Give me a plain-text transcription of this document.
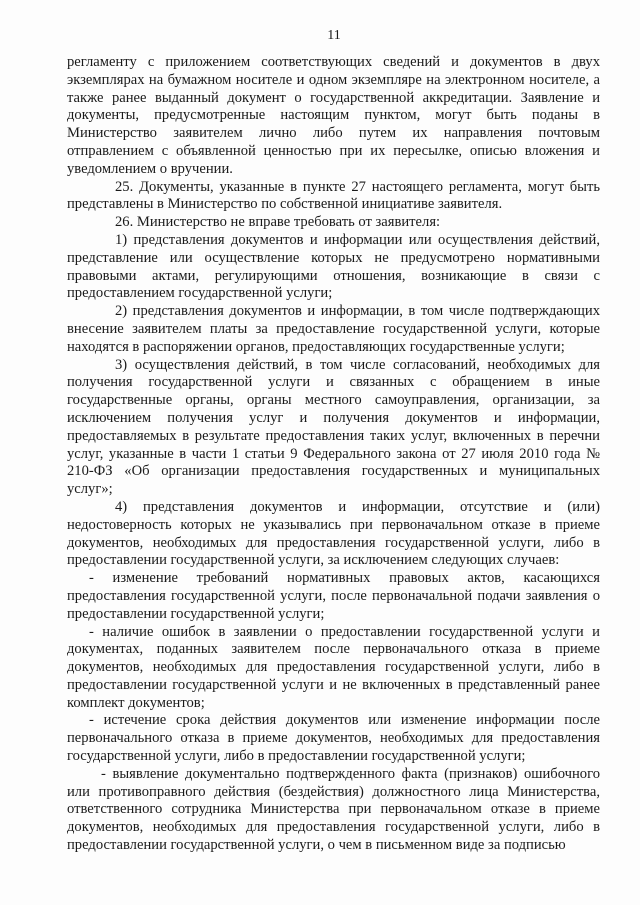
11

регламенту с приложением соответствующих сведений и документов в двух экземплярах на бумажном носителе и одном экземпляре на электронном носителе, а также ранее выданный документ о государственной аккредитации. Заявление и документы, предусмотренные настоящим пунктом, могут быть поданы в Министерство заявителем лично либо путем их направления почтовым отправлением с объявленной ценностью при их пересылке, описью вложения и уведомлением о вручении.

25. Документы, указанные в пункте 27 настоящего регламента, могут быть представлены в Министерство по собственной инициативе заявителя.

26. Министерство не вправе требовать от заявителя:

1) представления документов и информации или осуществления действий, представление или осуществление которых не предусмотрено нормативными правовыми актами, регулирующими отношения, возникающие в связи с предоставлением государственной услуги;

2) представления документов и информации, в том числе подтверждающих внесение заявителем платы за предоставление государственной услуги, которые находятся в распоряжении органов, предоставляющих государственные услуги;

3) осуществления действий, в том числе согласований, необходимых для получения государственной услуги и связанных с обращением в иные государственные органы, органы местного самоуправления, организации, за исключением получения услуг и получения документов и информации, предоставляемых в результате предоставления таких услуг, включенных в перечни услуг, указанные в части 1 статьи 9 Федерального закона от 27 июля 2010 года № 210-ФЗ «Об организации предоставления государственных и муниципальных услуг»;

4) представления документов и информации, отсутствие и (или) недостоверность которых не указывались при первоначальном отказе в приеме документов, необходимых для предоставления государственной услуги, либо в предоставлении государственной услуги, за исключением следующих случаев:

- изменение требований нормативных правовых актов, касающихся предоставления государственной услуги, после первоначальной подачи заявления о предоставлении государственной услуги;

- наличие ошибок в заявлении о предоставлении государственной услуги и документах, поданных заявителем после первоначального отказа в приеме документов, необходимых для предоставления государственной услуги, либо в предоставлении государственной услуги и не включенных в представленный ранее комплект документов;

- истечение срока действия документов или изменение информации после первоначального отказа в приеме документов, необходимых для предоставления государственной услуги, либо в предоставлении государственной услуги;

- выявление документально подтвержденного факта (признаков) ошибочного или противоправного действия (бездействия) должностного лица Министерства, ответственного сотрудника Министерства при первоначальном отказе в приеме документов, необходимых для предоставления государственной услуги, либо в предоставлении государственной услуги, о чем в письменном виде за подписью
